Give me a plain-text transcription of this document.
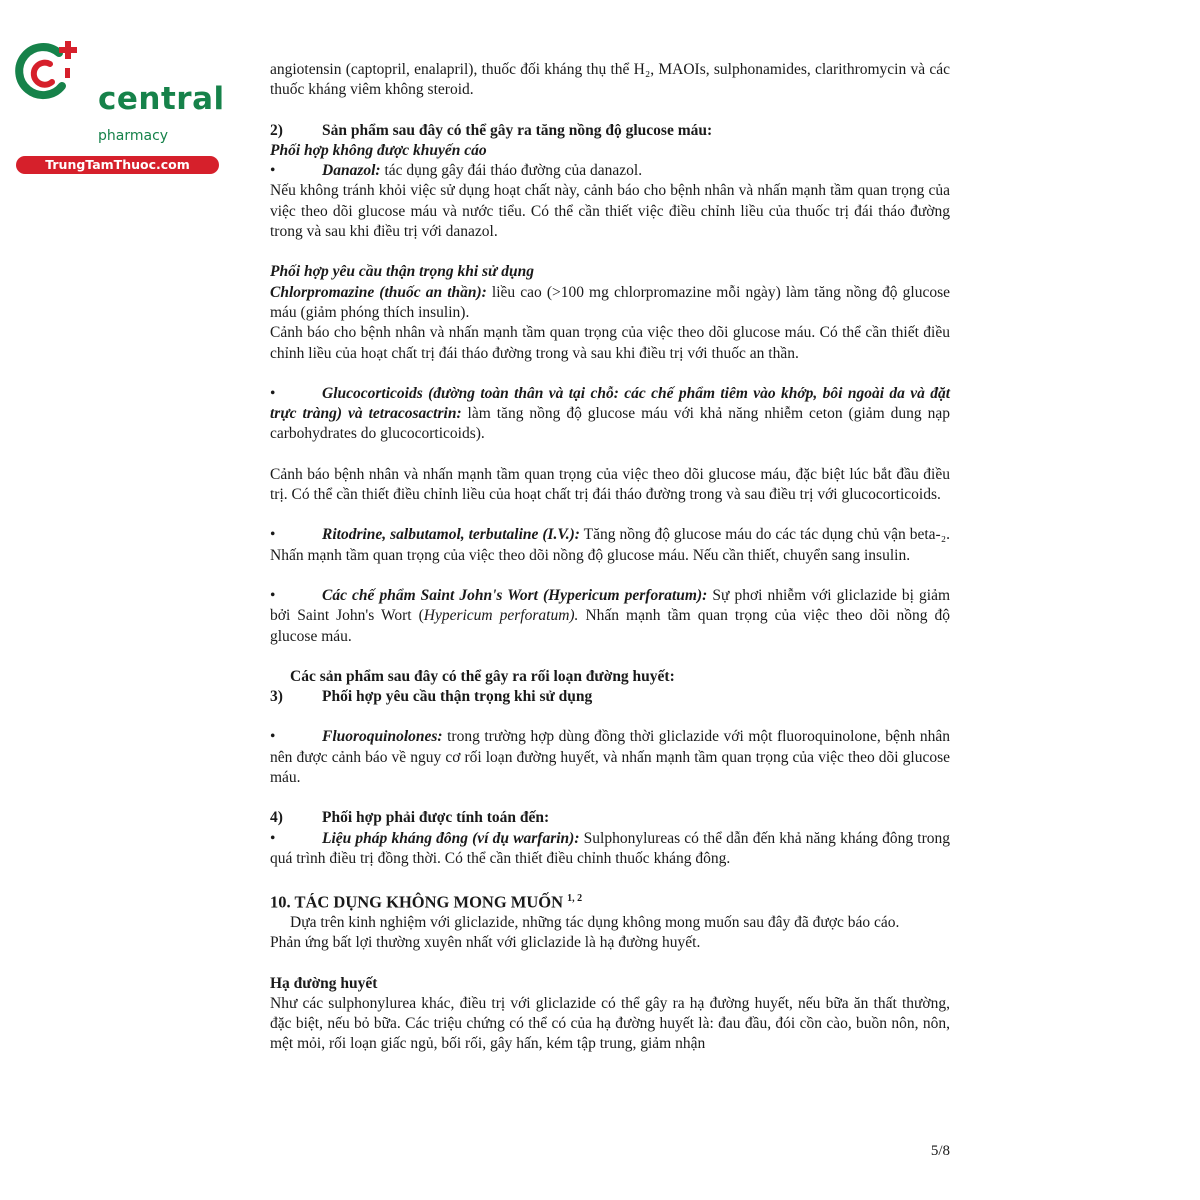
central
pharmacy
TrungTamThuoc.com

angiotensin (captopril, enalapril), thuốc đối kháng thụ thể H₂, MAOIs, sulphonamides, clarithromycin và các thuốc kháng viêm không steroid.

2)	Sản phẩm sau đây có thể gây ra tăng nồng độ glucose máu:

Phối hợp không được khuyến cáo

•	Danazol: tác dụng gây đái tháo đường của danazol.

Nếu không tránh khỏi việc sử dụng hoạt chất này, cảnh báo cho bệnh nhân và nhấn mạnh tầm quan trọng của việc theo dõi glucose máu và nước tiểu. Có thể cần thiết việc điều chỉnh liều của thuốc trị đái tháo đường trong và sau khi điều trị với danazol.

Phối hợp yêu cầu thận trọng khi sử dụng

Chlorpromazine (thuốc an thần): liều cao (>100 mg chlorpromazine mỗi ngày) làm tăng nồng độ glucose máu (giảm phóng thích insulin).

Cảnh báo cho bệnh nhân và nhấn mạnh tầm quan trọng của việc theo dõi glucose máu. Có thể cần thiết điều chỉnh liều của hoạt chất trị đái tháo đường trong và sau khi điều trị với thuốc an thần.

•	Glucocorticoids (đường toàn thân và tại chỗ: các chế phẩm tiêm vào khớp, bôi ngoài da và đặt trực tràng) và tetracosactrin: làm tăng nồng độ glucose máu với khả năng nhiễm ceton (giảm dung nạp carbohydrates do glucocorticoids).

Cảnh báo bệnh nhân và nhấn mạnh tầm quan trọng của việc theo dõi glucose máu, đặc biệt lúc bắt đầu điều trị. Có thể cần thiết điều chỉnh liều của hoạt chất trị đái tháo đường trong và sau điều trị với glucocorticoids.

•	Ritodrine, salbutamol, terbutaline (I.V.): Tăng nồng độ glucose máu do các tác dụng chủ vận beta-₂. Nhấn mạnh tầm quan trọng của việc theo dõi nồng độ glucose máu. Nếu cần thiết, chuyển sang insulin.

•	Các chế phẩm Saint John's Wort (Hypericum perforatum): Sự phơi nhiễm với gliclazide bị giảm bởi Saint John's Wort (Hypericum perforatum). Nhấn mạnh tầm quan trọng của việc theo dõi nồng độ glucose máu.

Các sản phẩm sau đây có thể gây ra rối loạn đường huyết:

3)	Phối hợp yêu cầu thận trọng khi sử dụng

•	Fluoroquinolones: trong trường hợp dùng đồng thời gliclazide với một fluoroquinolone, bệnh nhân nên được cảnh báo về nguy cơ rối loạn đường huyết, và nhấn mạnh tầm quan trọng của việc theo dõi glucose máu.

4)	Phối hợp phải được tính toán đến:

•	Liệu pháp kháng đông (ví dụ warfarin): Sulphonylureas có thể dẫn đến khả năng kháng đông trong quá trình điều trị đồng thời. Có thể cần thiết điều chỉnh thuốc kháng đông.

10. TÁC DỤNG KHÔNG MONG MUỐN $^{1, 2}$

Dựa trên kinh nghiệm với gliclazide, những tác dụng không mong muốn sau đây đã được báo cáo.

Phản ứng bất lợi thường xuyên nhất với gliclazide là hạ đường huyết.

Hạ đường huyết

Như các sulphonylurea khác, điều trị với gliclazide có thể gây ra hạ đường huyết, nếu bữa ăn thất thường, đặc biệt, nếu bỏ bữa. Các triệu chứng có thể có của hạ đường huyết là: đau đầu, đói cồn cào, buồn nôn, nôn, mệt mỏi, rối loạn giấc ngủ, bối rối, gây hấn, kém tập trung, giảm nhận

5/8
